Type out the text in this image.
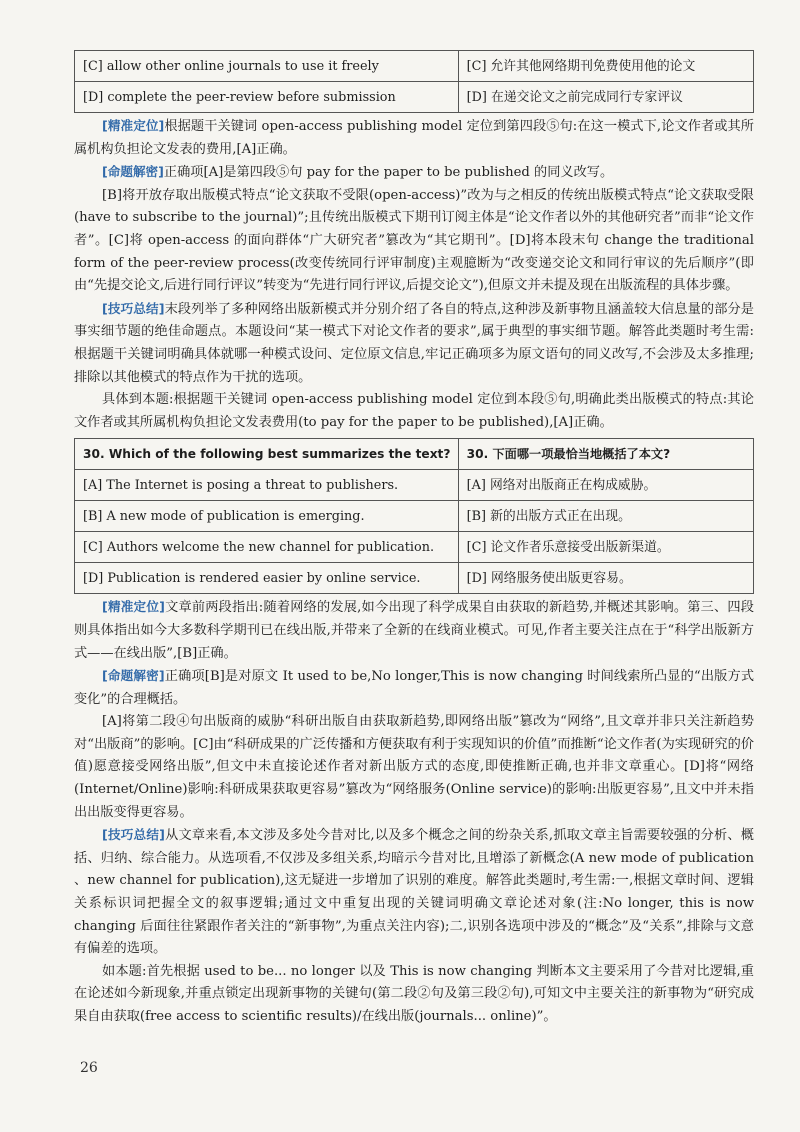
[C] allow other online journals to use it freely	[C] 允许其他网络期刊免费使用他的论文
[D] complete the peer-review before submission	[D] 在递交论文之前完成同行专家评议

[精准定位]根据题干关键词 open-access publishing model 定位到第四段⑤句:在这一模式下,论文作者或其所属机构负担论文发表的费用,[A]正确。

[命题解密]正确项[A]是第四段⑤句 pay for the paper to be published 的同义改写。

[B]将开放存取出版模式特点“论文获取不受限(open-access)”改为与之相反的传统出版模式特点“论文获取受限(have to subscribe to the journal)”;且传统出版模式下期刊订阅主体是“论文作者以外的其他研究者”而非“论文作者”。[C]将 open-access 的面向群体“广大研究者”篡改为“其它期刊”。[D]将本段末句 change the traditional form of the peer-review process(改变传统同行评审制度)主观臆断为“改变递交论文和同行审议的先后顺序”(即由“先提交论文,后进行同行评议”转变为“先进行同行评议,后提交论文”),但原文并未提及现在出版流程的具体步骤。

[技巧总结]末段列举了多种网络出版新模式并分别介绍了各自的特点,这种涉及新事物且涵盖较大信息量的部分是事实细节题的绝佳命题点。本题设问“某一模式下对论文作者的要求”,属于典型的事实细节题。解答此类题时考生需:根据题干关键词明确具体就哪一种模式设问、定位原文信息,牢记正确项多为原文语句的同义改写,不会涉及太多推理;排除以其他模式的特点作为干扰的选项。

具体到本题:根据题干关键词 open-access publishing model 定位到本段⑤句,明确此类出版模式的特点:其论文作者或其所属机构负担论文发表费用(to pay for the paper to be published),[A]正确。

30. Which of the following best summarizes the text?	30. 下面哪一项最恰当地概括了本文?
[A] The Internet is posing a threat to publishers.	[A] 网络对出版商正在构成威胁。
[B] A new mode of publication is emerging.	[B] 新的出版方式正在出现。
[C] Authors welcome the new channel for publication.	[C] 论文作者乐意接受出版新渠道。
[D] Publication is rendered easier by online service.	[D] 网络服务使出版更容易。

[精准定位]文章前两段指出:随着网络的发展,如今出现了科学成果自由获取的新趋势,并概述其影响。第三、四段则具体指出如今大多数科学期刊已在线出版,并带来了全新的在线商业模式。可见,作者主要关注点在于“科学出版新方式——在线出版”,[B]正确。

[命题解密]正确项[B]是对原文 It used to be,No longer,This is now changing 时间线索所凸显的“出版方式变化”的合理概括。

[A]将第二段④句出版商的威胁“科研出版自由获取新趋势,即网络出版”篡改为“网络”,且文章并非只关注新趋势对“出版商”的影响。[C]由“科研成果的广泛传播和方便获取有利于实现知识的价值”而推断“论文作者(为实现研究的价值)愿意接受网络出版”,但文中未直接论述作者对新出版方式的态度,即使推断正确,也并非文章重心。[D]将“网络(Internet/Online)影响:科研成果获取更容易”篡改为“网络服务(Online service)的影响:出版更容易”,且文中并未指出出版变得更容易。

[技巧总结]从文章来看,本文涉及多处今昔对比,以及多个概念之间的纷杂关系,抓取文章主旨需要较强的分析、概括、归纳、综合能力。从选项看,不仅涉及多组关系,均暗示今昔对比,且增添了新概念(A new mode of publication 、new channel for publication),这无疑进一步增加了识别的难度。解答此类题时,考生需:一,根据文章时间、逻辑关系标识词把握全文的叙事逻辑;通过文中重复出现的关键词明确文章论述对象(注:No longer, this is now changing 后面往往紧跟作者关注的“新事物”,为重点关注内容);二,识别各选项中涉及的“概念”及“关系”,排除与文意有偏差的选项。

如本题:首先根据 used to be... no longer 以及 This is now changing 判断本文主要采用了今昔对比逻辑,重在论述如今新现象,并重点锁定出现新事物的关键句(第二段②句及第三段②句),可知文中主要关注的新事物为“研究成果自由获取(free access to scientific results)/在线出版(journals... online)”。

26
